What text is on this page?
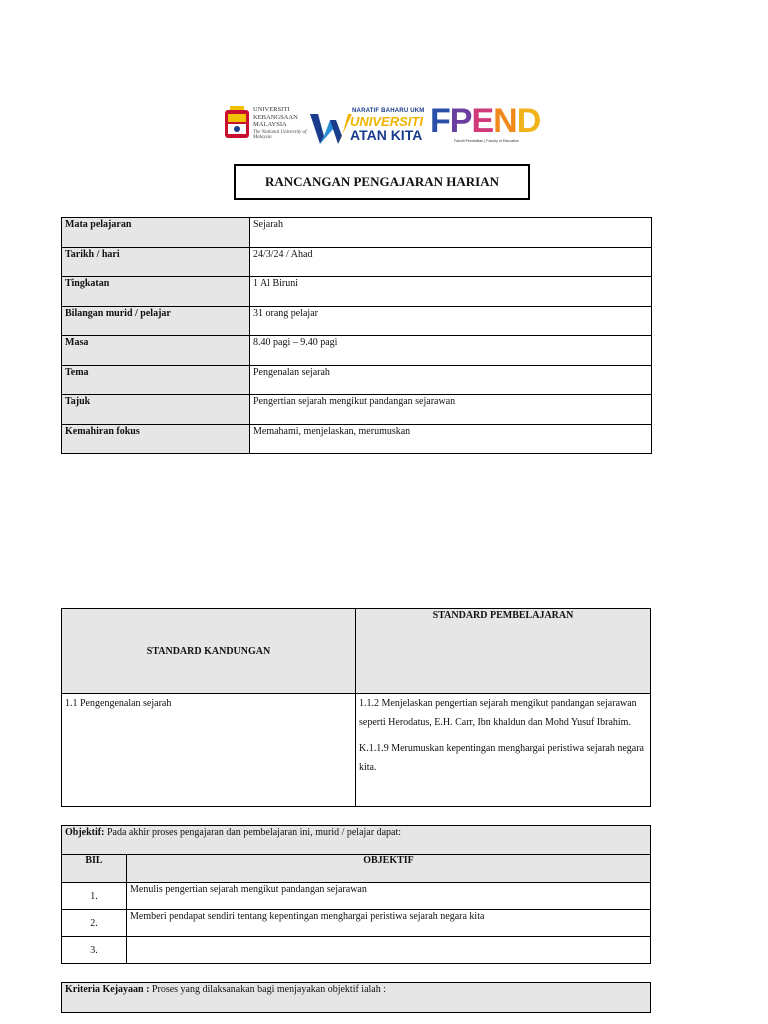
UNIVERSITI
KEBANGSAAN
MALAYSIA
The National University of Malaysia
NARATIF BAHARU UKM
UNIVERSITI
ATAN KITA FPEND
Fakulti Pendidikan | Faculty of Education
RANCANGAN PENGAJARAN HARIAN
Mata pelajaran	Sejarah
Tarikh / hari	24/3/24 / Ahad
Tingkatan	1 Al Biruni
Bilangan murid / pelajar	31 orang pelajar
Masa	8.40 pagi – 9.40 pagi
Tema	Pengenalan sejarah
Tajuk	Pengertian sejarah mengikut pandangan sejarawan
Kemahiran fokus	Memahami, menjelaskan, merumuskan
STANDARD KANDUNGAN	STANDARD PEMBELAJARAN
1.1 Pengengenalan sejarah	1.1.2 Menjelaskan pengertian sejarah mengikut pandangan sejarawan seperti Herodatus, E.H. Carr, Ibn khaldun dan Mohd Yusuf Ibrahim.

K.1.1.9 Merumuskan kepentingan menghargai peristiwa sejarah negara kita.

Objektif: Pada akhir proses pengajaran dan pembelajaran ini, murid / pelajar dapat:	
BIL	OBJEKTIF
1.	Menulis pengertian sejarah mengikut pandangan sejarawan
2.	Memberi pendapat sendiri tentang kepentingan menghargai peristiwa sejarah negara kita
3.	
Kriteria Kejayaan : Proses yang dilaksanakan bagi menjayakan objektif ialah :
